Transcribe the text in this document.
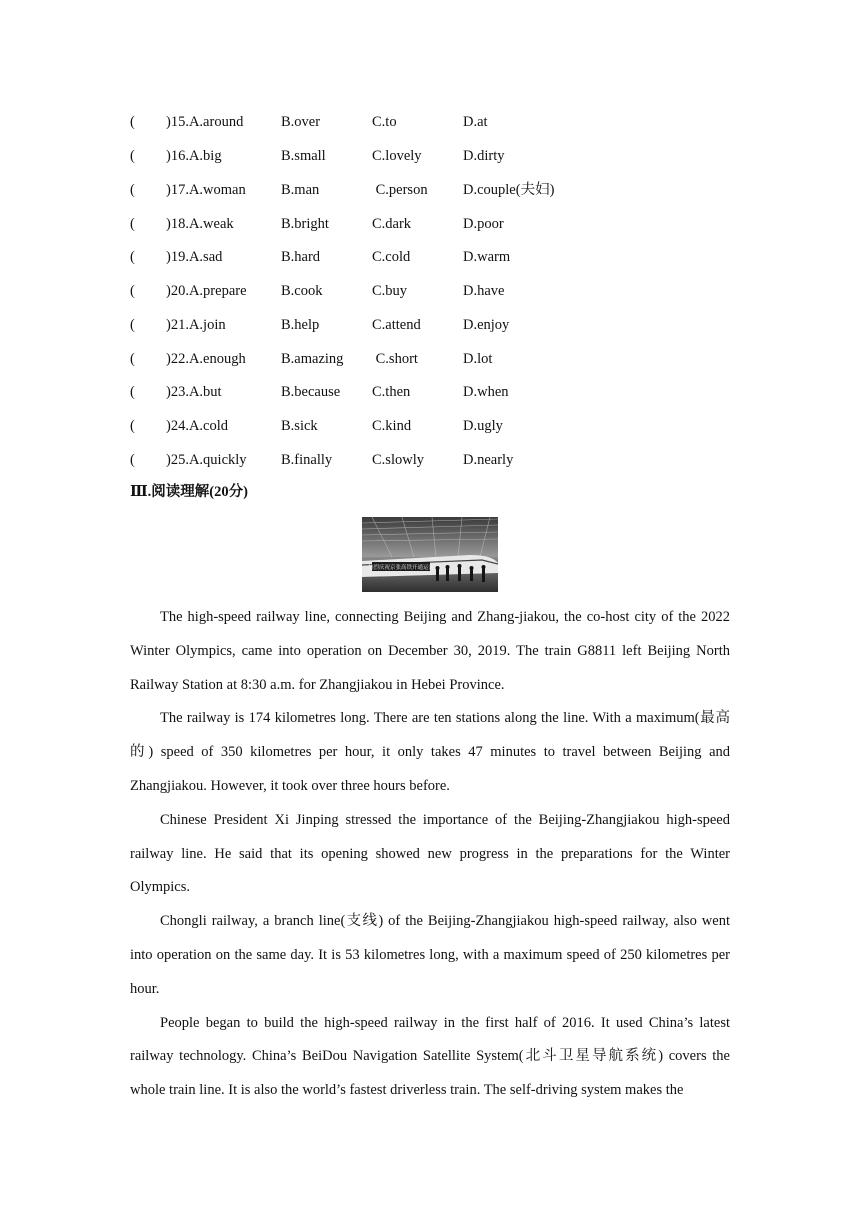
( )15.A.around	B.over	C.to	D.at
( )16.A.big	B.small	C.lovely	D.dirty
( )17.A.woman B.man	C.person D.couple(夫妇)
( )18.A.weak	B.bright	C.dark	D.poor
( )19.A.sad	B.hard	C.cold	D.warm
( )20.A.prepare B.cook	C.buy	D.have
( )21.A.join	B.help	C.attend	D.enjoy
( )22.A.enough B.amazing C.short	D.lot
( )23.A.but	B.because C.then	D.when
( )24.A.cold	B.sick	C.kind	D.ugly
( )25.A.quickly B.finally	C.slowly	D.nearly
Ⅲ.阅读理解(20分)
热烈庆祝京张高铁开通运营

The high-speed railway line, connecting Beijing and Zhang-jiakou, the co-host city of the 2022 Winter Olympics, came into operation on December 30, 2019. The train G8811 left Beijing North Railway Station at 8:30 a.m. for Zhangjiakou in Hebei Province.

The railway is 174 kilometres long. There are ten stations along the line. With a maximum(最高的) speed of 350 kilometres per hour, it only takes 47 minutes to travel between Beijing and Zhangjiakou. However, it took over three hours before.

Chinese President Xi Jinping stressed the importance of the Beijing-Zhangjiakou high-speed railway line. He said that its opening showed new progress in the preparations for the Winter Olympics.

Chongli railway, a branch line(支线) of the Beijing-Zhangjiakou high-speed railway, also went into operation on the same day. It is 53 kilometres long, with a maximum speed of 250 kilometres per hour.

People began to build the high-speed railway in the first half of 2016. It used China’s latest railway technology. China’s BeiDou Navigation Satellite System(北斗卫星导航系统) covers the whole train line. It is also the world’s fastest driverless train. The self-driving system makes the
